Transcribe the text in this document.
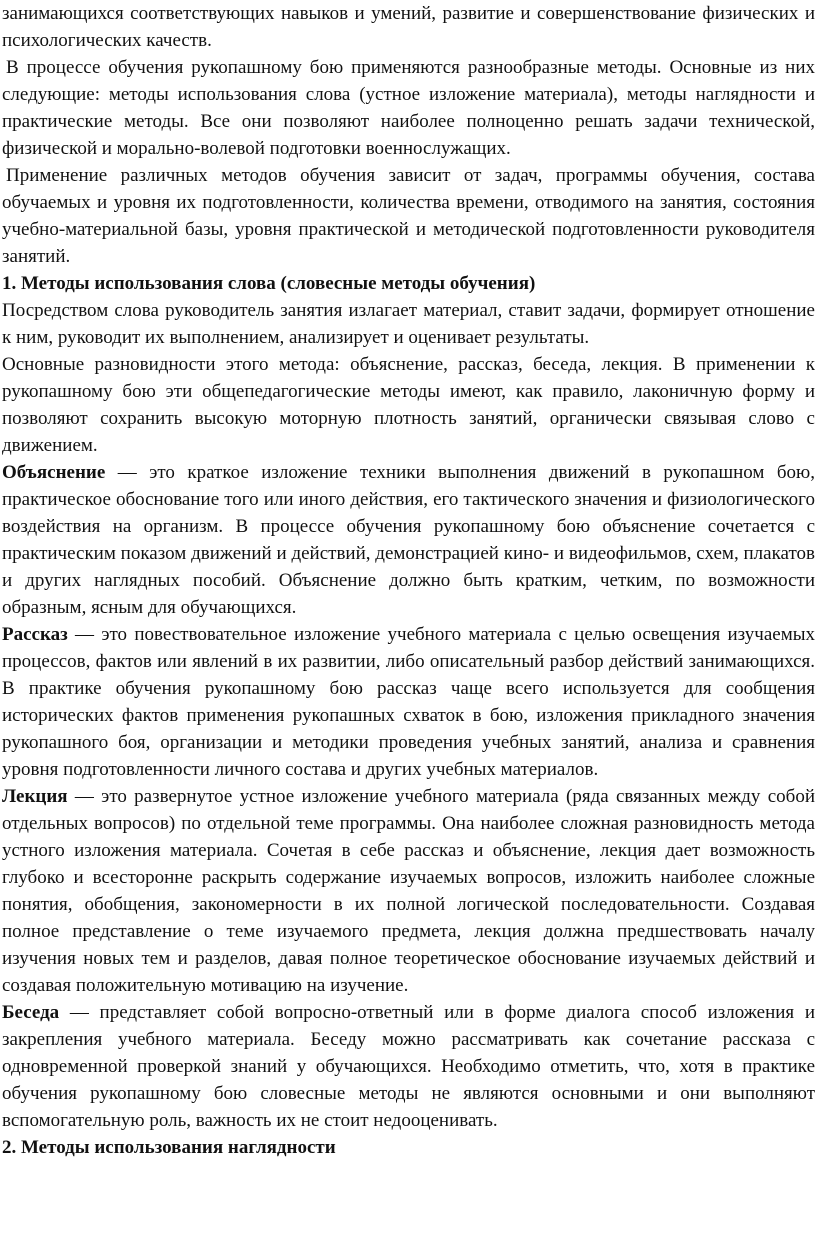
занимающихся соответствующих навыков и умений, развитие и совершенствование физических и психологических качеств.

В процессе обучения рукопашному бою применяются разнообразные методы. Основные из них следующие: методы использования слова (устное изложение материала), методы наглядности и практические методы. Все они позволяют наиболее полноценно решать задачи технической, физической и морально-волевой подготовки военнослужащих.

Применение различных методов обучения зависит от задач, программы обучения, состава обучаемых и уровня их подготовленности, количества времени, отводимого на занятия, состояния учебно-материальной базы, уровня практической и методической подготовленности руководителя занятий.

1. Методы использования слова (словесные методы обучения)

Посредством слова руководитель занятия излагает материал, ставит задачи, формирует отношение к ним, руководит их выполнением, анализирует и оценивает результаты.

Основные разновидности этого метода: объяснение, рассказ, беседа, лекция. В применении к рукопашному бою эти общепедагогические методы имеют, как правило, лаконичную форму и позволяют сохранить высокую моторную плотность занятий, органически связывая слово с движением.

Объяснение — это краткое изложение техники выполнения движений в рукопашном бою, практическое обоснование того или иного действия, его тактического значения и физиологического воздействия на организм. В процессе обучения рукопашному бою объяснение сочетается с практическим показом движений и действий, демонстрацией кино- и видеофильмов, схем, плакатов и других наглядных пособий. Объяснение должно быть кратким, четким, по возможности образным, ясным для обучающихся.

Рассказ — это повествовательное изложение учебного материала с целью освещения изучаемых процессов, фактов или явлений в их развитии, либо описательный разбор действий занимающихся. В практике обучения рукопашному бою рассказ чаще всего используется для сообщения исторических фактов применения рукопашных схваток в бою, изложения прикладного значения рукопашного боя, организации и методики проведения учебных занятий, анализа и сравнения уровня подготовленности личного состава и других учебных материалов.

Лекция — это развернутое устное изложение учебного материала (ряда связанных между собой отдельных вопросов) по отдельной теме программы. Она наиболее сложная разновидность метода устного изложения материала. Сочетая в себе рассказ и объяснение, лекция дает возможность глубоко и всесторонне раскрыть содержание изучаемых вопросов, изложить наиболее сложные понятия, обобщения, закономерности в их полной логической последовательности. Создавая полное представление о теме изучаемого предмета, лекция должна предшествовать началу изучения новых тем и разделов, давая полное теоретическое обоснование изучаемых действий и создавая положительную мотивацию на изучение.

Беседа — представляет собой вопросно-ответный или в форме диалога способ изложения и закрепления учебного материала. Беседу можно рассматривать как сочетание рассказа с одновременной проверкой знаний у обучающихся. Необходимо отметить, что, хотя в практике обучения рукопашному бою словесные методы не являются основными и они выполняют вспомогательную роль, важность их не стоит недооценивать.

2. Методы использования наглядности
